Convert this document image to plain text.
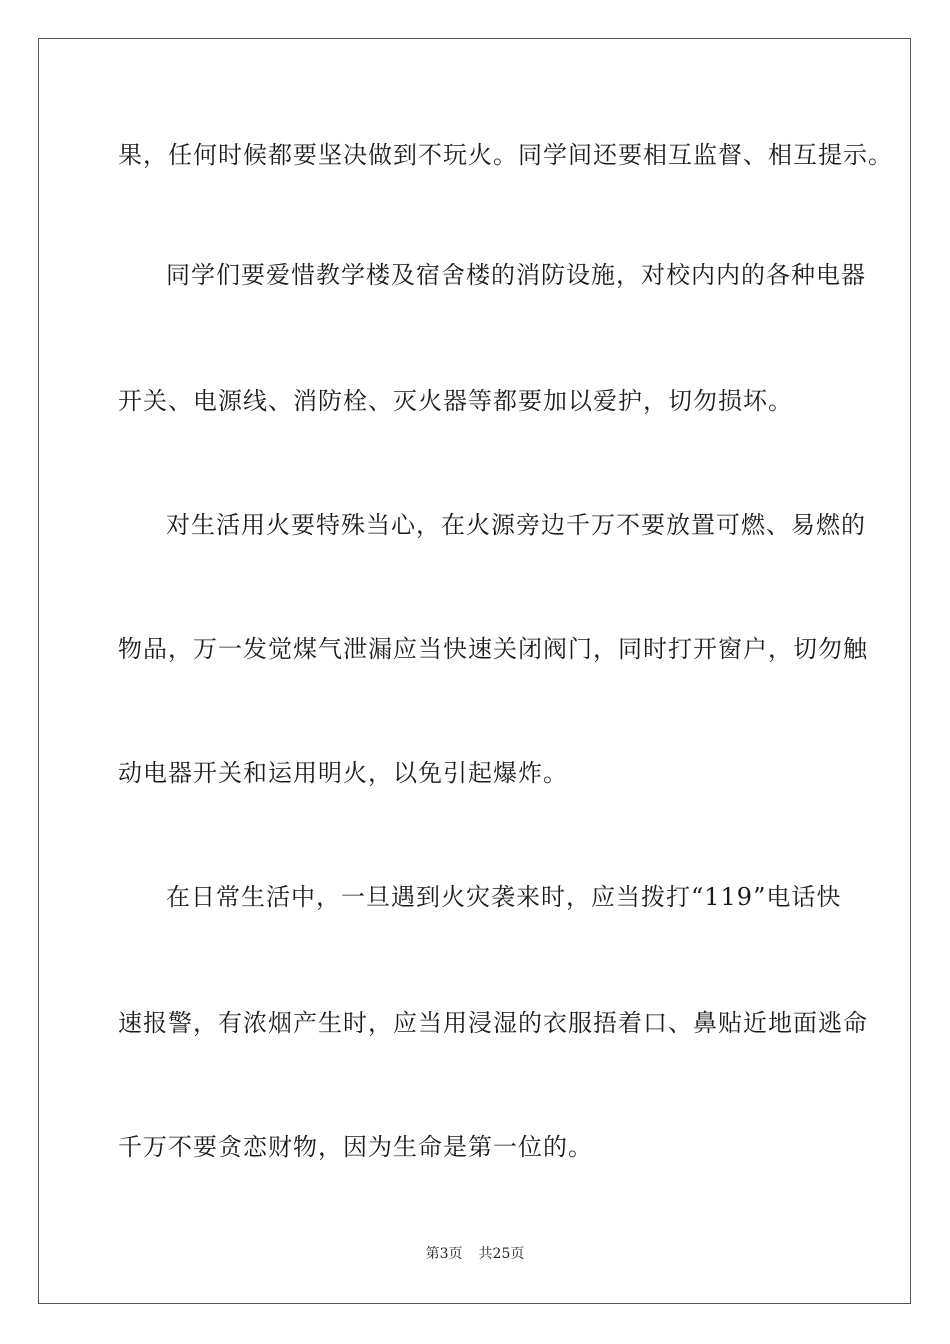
果，任何时候都要坚决做到不玩火。同学间还要相互监督、相互提示。
同学们要爱惜教学楼及宿舍楼的消防设施，对校内内的各种电器
开关、电源线、消防栓、灭火器等都要加以爱护，切勿损坏。
对生活用火要特殊当心，在火源旁边千万不要放置可燃、易燃的
物品，万一发觉煤气泄漏应当快速关闭阀门，同时打开窗户，切勿触
动电器开关和运用明火，以免引起爆炸。
在日常生活中，一旦遇到火灾袭来时，应当拨打“119”电话快
速报警，有浓烟产生时，应当用浸湿的衣服捂着口、鼻贴近地面逃命
千万不要贪恋财物，因为生命是第一位的。
第3页 共25页
